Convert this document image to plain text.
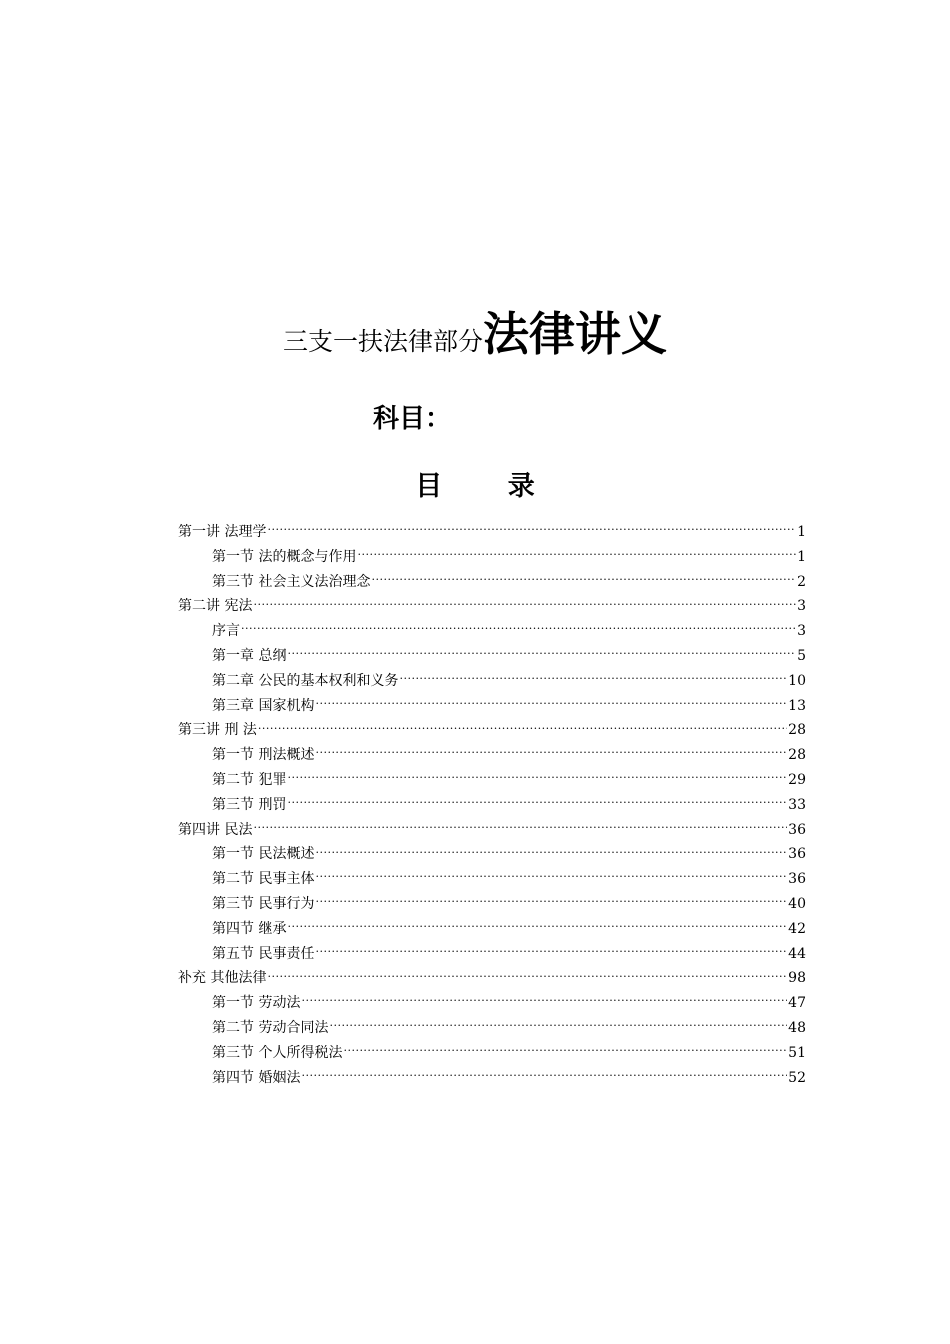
三支一扶法律部分法律讲义
科目：
目 录
第一讲 法理学 .....	1
第一节 法的概念与作用 .....	1
第三节 社会主义法治理念 .....	2
第二讲 宪法 .....	3
序言 .....	3
第一章 总纲 .....	5
第二章 公民的基本权利和义务 .....	10
第三章 国家机构 .....	13
第三讲 刑 法 .....	28
第一节 刑法概述 .....	28
第二节 犯罪 .....	29
第三节 刑罚 .....	33
第四讲 民法 .....	36
第一节 民法概述 .....	36
第二节 民事主体 .....	36
第三节 民事行为 .....	40
第四节 继承 .....	42
第五节 民事责任 .....	44
补充 其他法律 .....	98
第一节 劳动法 .....	47
第二节 劳动合同法 .....	48
第三节 个人所得税法 .....	51
第四节 婚姻法 .....	52
